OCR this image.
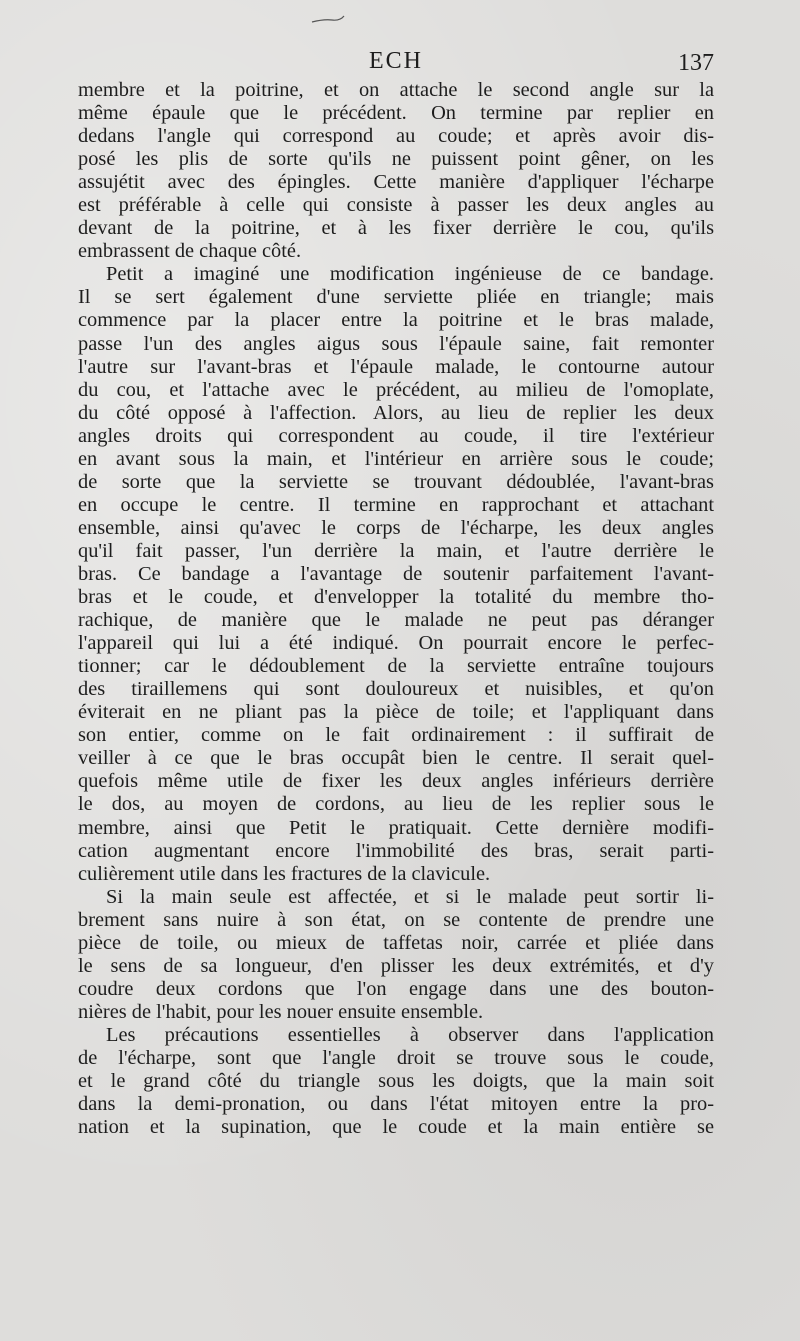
ECH	137
membre et la poitrine, et on attache le second angle sur la
même épaule que le précédent. On termine par replier en
dedans l'angle qui correspond au coude; et après avoir dis-
posé les plis de sorte qu'ils ne puissent point gêner, on les
assujétit avec des épingles. Cette manière d'appliquer l'écharpe
est préférable à celle qui consiste à passer les deux angles au
devant de la poitrine, et à les fixer derrière le cou, qu'ils
embrassent de chaque côté.
Petit a imaginé une modification ingénieuse de ce bandage.
Il se sert également d'une serviette pliée en triangle; mais
commence par la placer entre la poitrine et le bras malade,
passe l'un des angles aigus sous l'épaule saine, fait remonter
l'autre sur l'avant-bras et l'épaule malade, le contourne autour
du cou, et l'attache avec le précédent, au milieu de l'omoplate,
du côté opposé à l'affection. Alors, au lieu de replier les deux
angles droits qui correspondent au coude, il tire l'extérieur
en avant sous la main, et l'intérieur en arrière sous le coude;
de sorte que la serviette se trouvant dédoublée, l'avant-bras
en occupe le centre. Il termine en rapprochant et attachant
ensemble, ainsi qu'avec le corps de l'écharpe, les deux angles
qu'il fait passer, l'un derrière la main, et l'autre derrière le
bras. Ce bandage a l'avantage de soutenir parfaitement l'avant-
bras et le coude, et d'envelopper la totalité du membre tho-
rachique, de manière que le malade ne peut pas déranger
l'appareil qui lui a été indiqué. On pourrait encore le perfec-
tionner; car le dédoublement de la serviette entraîne toujours
des tiraillemens qui sont douloureux et nuisibles, et qu'on
éviterait en ne pliant pas la pièce de toile; et l'appliquant dans
son entier, comme on le fait ordinairement : il suffirait de
veiller à ce que le bras occupât bien le centre. Il serait quel-
quefois même utile de fixer les deux angles inférieurs derrière
le dos, au moyen de cordons, au lieu de les replier sous le
membre, ainsi que Petit le pratiquait. Cette dernière modifi-
cation augmentant encore l'immobilité des bras, serait parti-
culièrement utile dans les fractures de la clavicule.
Si la main seule est affectée, et si le malade peut sortir li-
brement sans nuire à son état, on se contente de prendre une
pièce de toile, ou mieux de taffetas noir, carrée et pliée dans
le sens de sa longueur, d'en plisser les deux extrémités, et d'y
coudre deux cordons que l'on engage dans une des bouton-
nières de l'habit, pour les nouer ensuite ensemble.
Les précautions essentielles à observer dans l'application
de l'écharpe, sont que l'angle droit se trouve sous le coude,
et le grand côté du triangle sous les doigts, que la main soit
dans la demi-pronation, ou dans l'état mitoyen entre la pro-
nation et la supination, que le coude et la main entière se
